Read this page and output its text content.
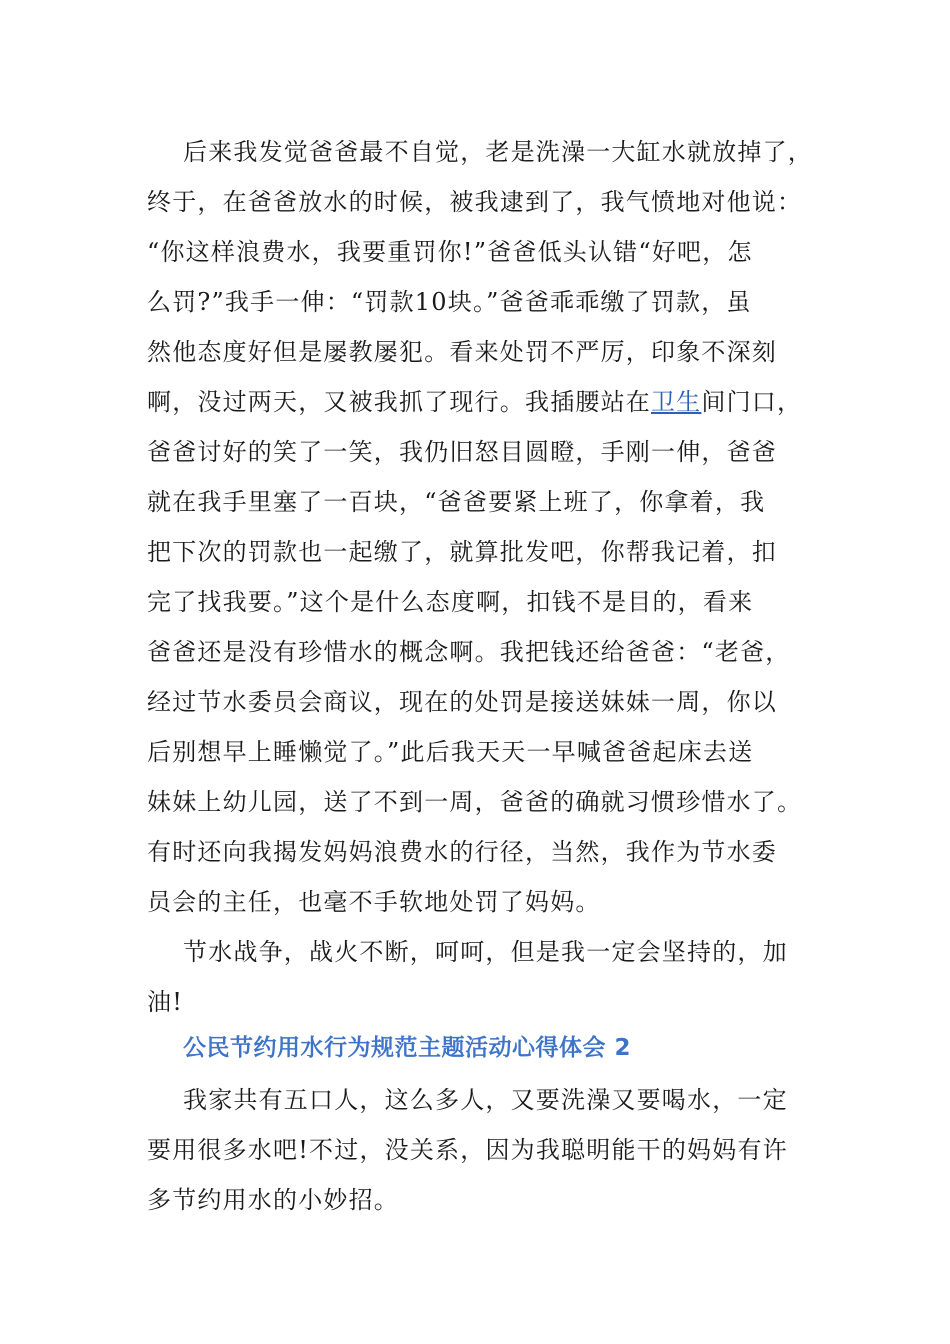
后来我发觉爸爸最不自觉，老是洗澡一大缸水就放掉了，
终于，在爸爸放水的时候，被我逮到了，我气愤地对他说：
“你这样浪费水，我要重罚你!”爸爸低头认错“好吧，怎
么罚?”我手一伸：“罚款10块。”爸爸乖乖缴了罚款，虽
然他态度好但是屡教屡犯。看来处罚不严厉，印象不深刻
啊，没过两天，又被我抓了现行。我插腰站在卫生间门口，
爸爸讨好的笑了一笑，我仍旧怒目圆瞪，手刚一伸，爸爸
就在我手里塞了一百块，“爸爸要紧上班了，你拿着，我
把下次的罚款也一起缴了，就算批发吧，你帮我记着，扣
完了找我要。”这个是什么态度啊，扣钱不是目的，看来
爸爸还是没有珍惜水的概念啊。我把钱还给爸爸：“老爸，
经过节水委员会商议，现在的处罚是接送妹妹一周，你以
后别想早上睡懒觉了。”此后我天天一早喊爸爸起床去送
妹妹上幼儿园，送了不到一周，爸爸的确就习惯珍惜水了。
有时还向我揭发妈妈浪费水的行径，当然，我作为节水委
员会的主任，也毫不手软地处罚了妈妈。
节水战争，战火不断，呵呵，但是我一定会坚持的，加
油!
公民节约用水行为规范主题活动心得体会 2
我家共有五口人，这么多人，又要洗澡又要喝水，一定
要用很多水吧!不过，没关系，因为我聪明能干的妈妈有许
多节约用水的小妙招。
